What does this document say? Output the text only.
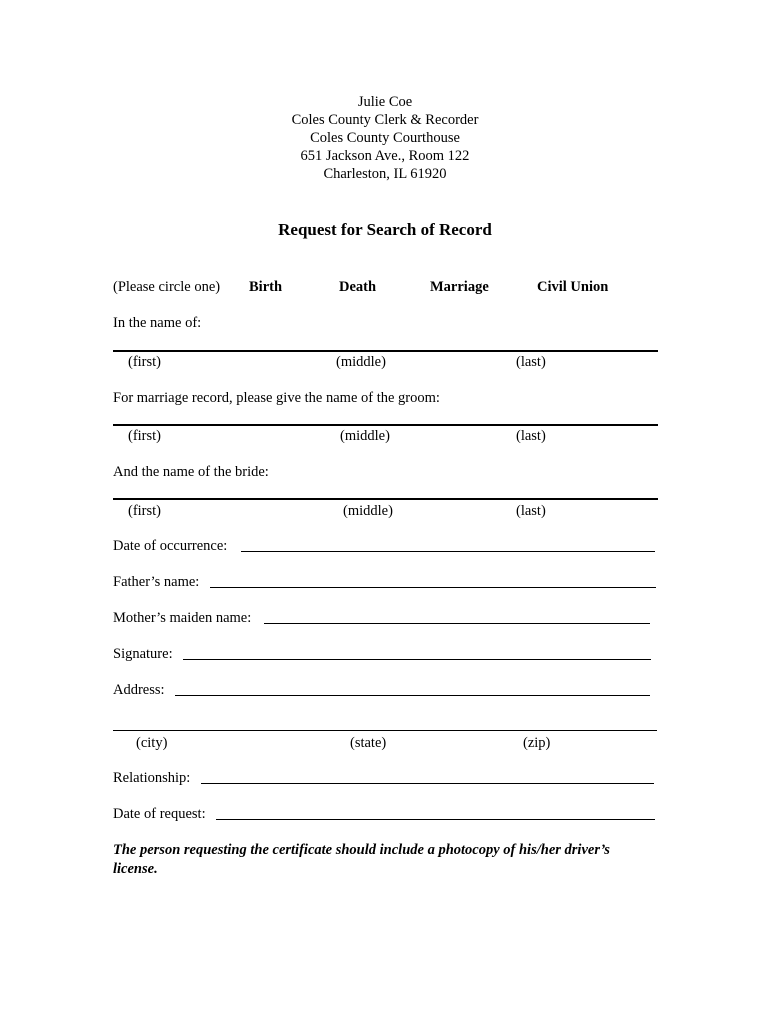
Julie Coe
Coles County Clerk & Recorder
Coles County Courthouse
651 Jackson Ave., Room 122
Charleston, IL 61920
Request for Search of Record
(Please circle one) Birth	Death	Marriage	Civil Union
In the name of:
(first)	(middle)	(last)
For marriage record, please give the name of the groom:
(first)	(middle)	(last)
And the name of the bride:
(first)	(middle)	(last)
Date of occurrence:
Father’s name:
Mother’s maiden name:
Signature:
Address:
(city)	(state)	(zip)
Relationship:
Date of request:
The person requesting the certificate should include a photocopy of his/her driver’s license.
